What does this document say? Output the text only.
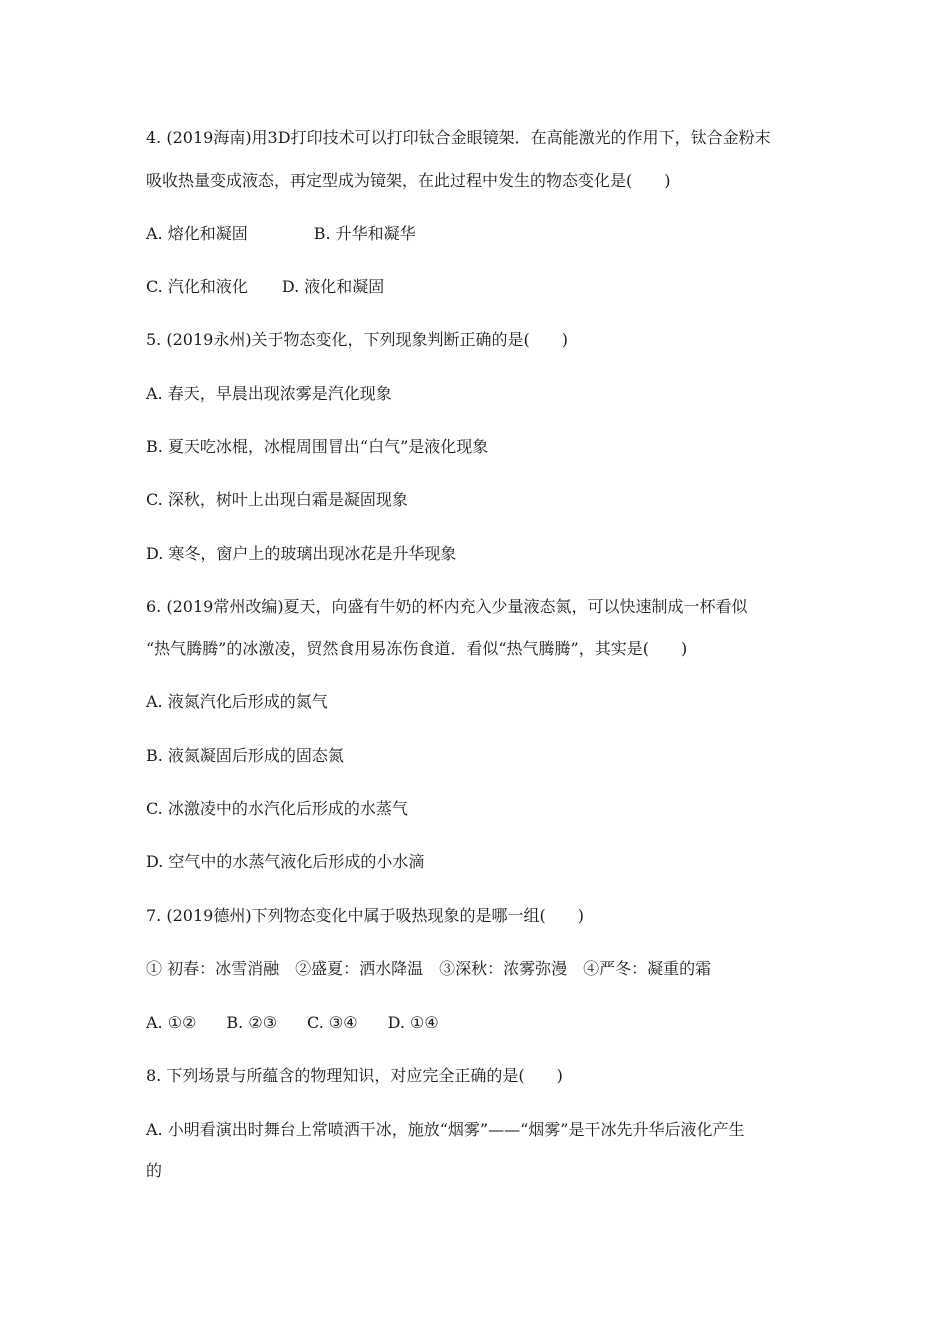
4. (2019海南)用3D打印技术可以打印钛合金眼镜架．在高能激光的作用下，钛合金粉末
吸收热量变成液态，再定型成为镜架，在此过程中发生的物态变化是(　　)
A. 熔化和凝固	B. 升华和凝华
C. 汽化和液化 D. 液化和凝固
5. (2019永州)关于物态变化，下列现象判断正确的是(　　)
A. 春天，早晨出现浓雾是汽化现象
B. 夏天吃冰棍，冰棍周围冒出“白气”是液化现象
C. 深秋，树叶上出现白霜是凝固现象
D. 寒冬，窗户上的玻璃出现冰花是升华现象
6. (2019常州改编)夏天，向盛有牛奶的杯内充入少量液态氮，可以快速制成一杯看似
“热气腾腾”的冰激凌，贸然食用易冻伤食道．看似“热气腾腾”，其实是(　　)
A. 液氮汽化后形成的氮气
B. 液氮凝固后形成的固态氮
C. 冰激凌中的水汽化后形成的水蒸气
D. 空气中的水蒸气液化后形成的小水滴
7. (2019德州)下列物态变化中属于吸热现象的是哪一组(　　)
① 初春：冰雪消融　②盛夏：洒水降温　③深秋：浓雾弥漫　④严冬：凝重的霜
A. ①② B. ②③ C. ③④ D. ①④
8. 下列场景与所蕴含的物理知识，对应完全正确的是(　　)
A. 小明看演出时舞台上常喷洒干冰，施放“烟雾”——“烟雾”是干冰先升华后液化产生
的
